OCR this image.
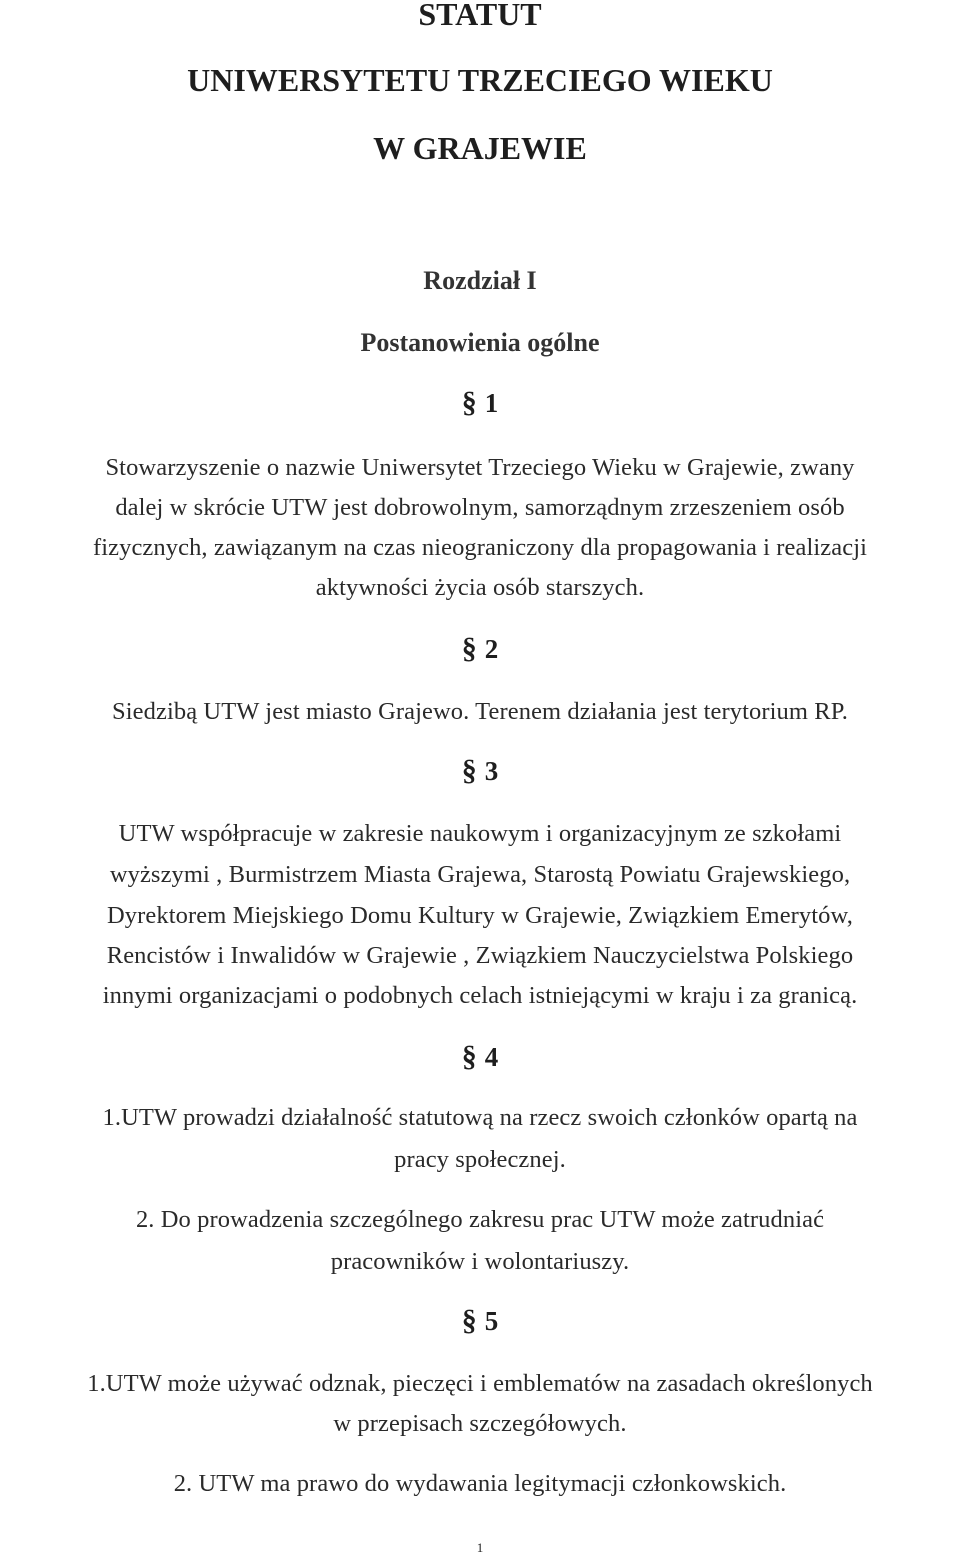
STATUT
UNIWERSYTETU TRZECIEGO WIEKU
W GRAJEWIE
Rozdział I
Postanowienia ogólne
§ 1
Stowarzyszenie o nazwie Uniwersytet Trzeciego Wieku w Grajewie, zwany
dalej w skrócie UTW jest dobrowolnym, samorządnym zrzeszeniem osób
fizycznych, zawiązanym na czas nieograniczony dla propagowania i realizacji
aktywności życia osób starszych.
§ 2
Siedzibą UTW jest miasto Grajewo. Terenem działania jest terytorium RP.
§ 3
UTW współpracuje w zakresie naukowym i organizacyjnym ze szkołami
wyższymi , Burmistrzem Miasta Grajewa, Starostą Powiatu Grajewskiego,
Dyrektorem Miejskiego Domu Kultury w Grajewie, Związkiem Emerytów,
Rencistów i Inwalidów w Grajewie , Związkiem Nauczycielstwa Polskiego
innymi organizacjami o podobnych celach istniejącymi w kraju i za granicą.
§ 4
1.UTW prowadzi działalność statutową na rzecz swoich członków opartą na
pracy społecznej.
2. Do prowadzenia szczególnego zakresu prac UTW może zatrudniać
pracowników i wolontariuszy.
§ 5
1.UTW może używać odznak, pieczęci i emblematów na zasadach określonych
w przepisach szczegółowych.
2. UTW ma prawo do wydawania legitymacji członkowskich.
1
